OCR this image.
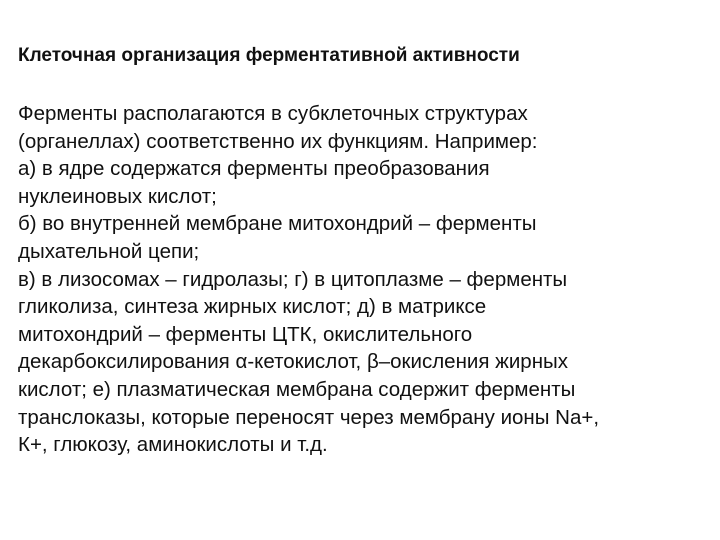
Клеточная организация ферментативной активности
Ферменты располагаются в субклеточных структурах
(органеллах) соответственно их функциям. Например:
а) в ядре содержатся ферменты преобразования
нуклеиновых кислот;
б) во внутренней мембране митохондрий – ферменты
дыхательной цепи;
в) в лизосомах – гидролазы; г) в цитоплазме – ферменты
гликолиза, синтеза жирных кислот; д) в матриксе
митохондрий – ферменты ЦТК, окислительного
декарбоксилирования α-кетокислот, β–окисления жирных
кислот; е) плазматическая мембрана содержит ферменты
транслоказы, которые переносят через мембрану ионы Na+,
К+, глюкозу, аминокислоты и т.д.
